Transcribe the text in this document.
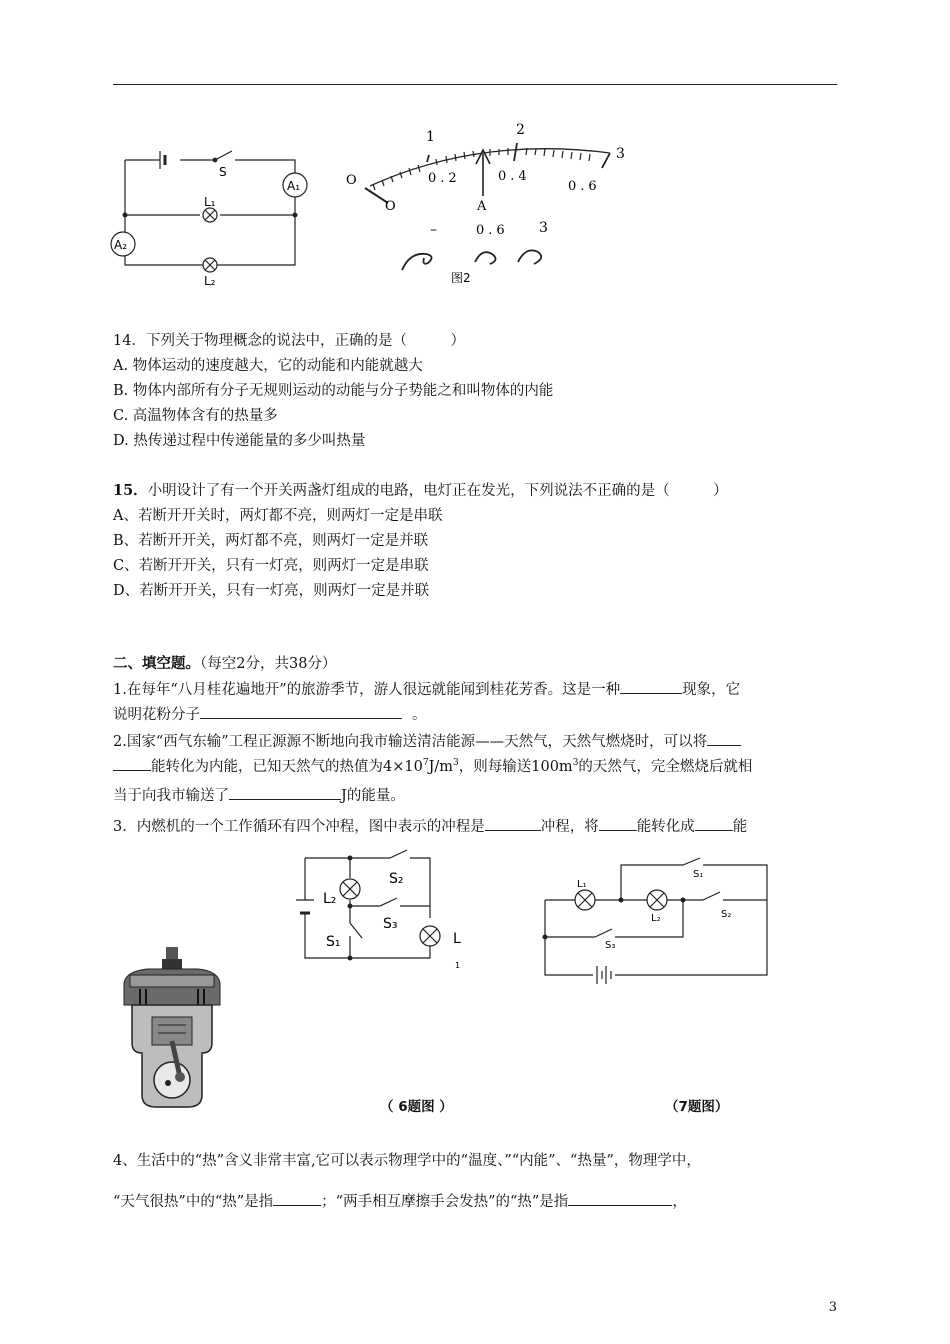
S
A₁
A₂
L₁
L₂
1	2
3
O	0.2	0.4
0.6
O	A
–	0.6 3
图2
14．下列关于物理概念的说法中，正确的是（　　　）
A. 物体运动的速度越大，它的动能和内能就越大
B. 物体内部所有分子无规则运动的动能与分子势能之和叫物体的内能
C. 高温物体含有的热量多
D. 热传递过程中传递能量的多少叫热量
15．小明设计了有一个开关两盏灯组成的电路，电灯正在发光，下列说法不正确的是（　　　）
A、若断开开关时，两灯都不亮，则两灯一定是串联
B、若断开开关，两灯都不亮，则两灯一定是并联
C、若断开开关，只有一灯亮，则两灯一定是串联
D、若断开开关，只有一灯亮，则两灯一定是并联
二、填空题。（每空2分，共38分）
1.在每年“八月桂花遍地开”的旅游季节，游人很远就能闻到桂花芳香。这是一种	现象，它
说明花粉分子	。
2.国家“西气东输”工程正源源不断地向我市输送清洁能源——天然气，天然气燃烧时，可以将
能转化为内能，已知天然气的热值为$4\times 10^7J/m^3$，则每输送$100m^3$的天然气，完全燃烧后就相
当于向我市输送了	J的能量。
3．内燃机的一个工作循环有四个冲程，图中表示的冲程是	冲程，将	能转化成	能
L₂
S₂
S₃
S₁	L
1
L₁
L₂
S₁
S₂
S₃
（ 6题图 ）	（7题图）
4、生活中的“热”含义非常丰富,它可以表示物理学中的“温度、”“内能”、“热量”，物理学中，
“天气很热”中的“热”是指	；“两手相互摩擦手会发热”的“热”是指	，
3
